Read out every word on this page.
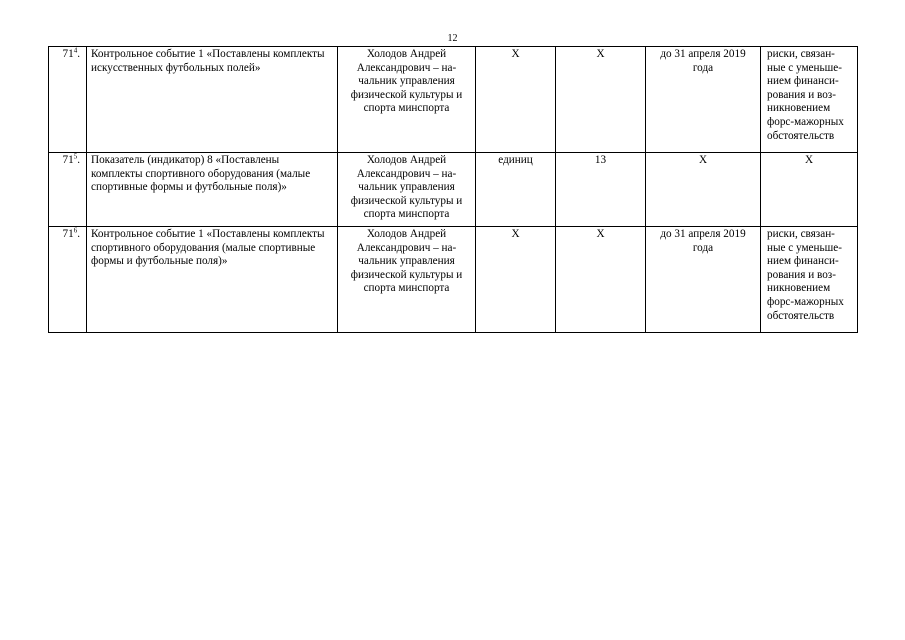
12
$71^4$.	Контрольное событие 1 «Поставлены комплекты искусственных футбольных полей»	Холодов Андрей Александрович – на-чальник управления физической культуры и спорта минспорта	Х	Х	до 31 апреля 2019 года	риски, связан-ные с уменьше-нием финанси-рования и воз-никновением форс-мажорных обстоятельств
$71^5$.	Показатель (индикатор) 8 «Поставлены комплекты спортивного оборудования (малые спортивные формы и футбольные поля)»	Холодов Андрей Александрович – на-чальник управления физической культуры и спорта минспорта	единиц	13	Х	Х
$71^6$.	Контрольное событие 1 «Поставлены комплекты спортивного оборудования (малые спортивные формы и футбольные поля)»	Холодов Андрей Александрович – на-чальник управления физической культуры и спорта минспорта	Х	Х	до 31 апреля 2019 года	риски, связан-ные с уменьше-нием финанси-рования и воз-никновением форс-мажорных обстоятельств
